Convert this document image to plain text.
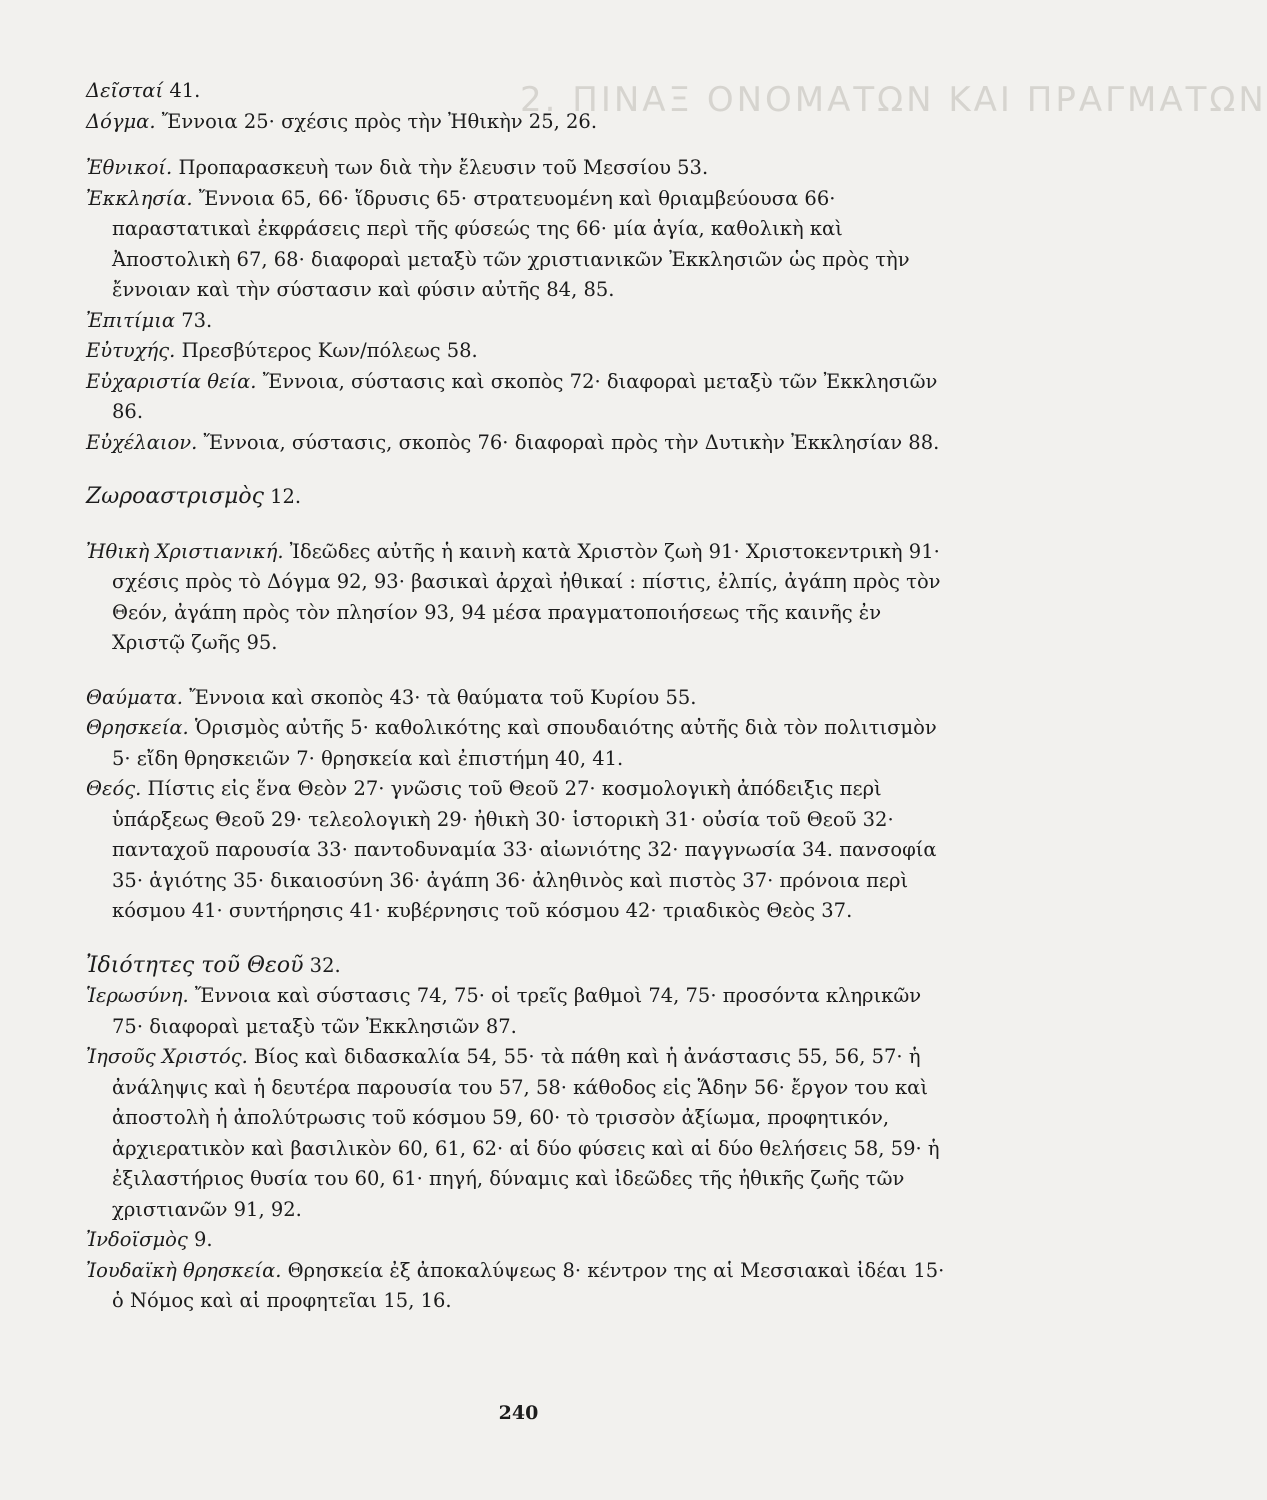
2. ΠΙΝΑΞ ΟΝΟΜΑΤΩΝ ΚΑΙ ΠΡΑΓΜΑΤΩΝ

Δεῖσταί 41.

Δόγμα. Ἔννοια 25· σχέσις πρὸς τὴν Ἠθικὴν 25, 26.

Ἐθνικοί. Προπαρασκευὴ των διὰ τὴν ἔλευσιν τοῦ Μεσσίου 53.

Ἐκκλησία. Ἔννοια 65, 66· ἵδρυσις 65· στρατευομένη καὶ θριαμβεύουσα 66· παραστατικαὶ ἐκφράσεις περὶ τῆς φύσεώς της 66· μία ἁγία, καθολικὴ καὶ Ἀποστολικὴ 67, 68· διαφοραὶ μεταξὺ τῶν χριστιανικῶν Ἐκκλησιῶν ὡς πρὸς τὴν ἔννοιαν καὶ τὴν σύστασιν καὶ φύσιν αὐτῆς 84, 85.

Ἐπιτίμια 73.

Εὐτυχής. Πρεσβύτερος Κων/πόλεως 58.

Εὐχαριστία θεία. Ἔννοια, σύστασις καὶ σκοπὸς 72· διαφοραὶ μεταξὺ τῶν Ἐκκλησιῶν 86.

Εὐχέλαιον. Ἔννοια, σύστασις, σκοπὸς 76· διαφοραὶ πρὸς τὴν Δυτικὴν Ἐκκλησίαν 88.

Ζωροαστρισμὸς 12.

Ἠθικὴ Χριστιανική. Ἰδεῶδες αὐτῆς ἡ καινὴ κατὰ Χριστὸν ζωὴ 91· Χριστοκεντρικὴ 91· σχέσις πρὸς τὸ Δόγμα 92, 93· βασικαὶ ἀρχαὶ ἠθικαί : πίστις, ἐλπίς, ἀγάπη πρὸς τὸν Θεόν, ἀγάπη πρὸς τὸν πλησίον 93, 94 μέσα πραγματοποιήσεως τῆς καινῆς ἐν Χριστῷ ζωῆς 95.

Θαύματα. Ἔννοια καὶ σκοπὸς 43· τὰ θαύματα τοῦ Κυρίου 55.

Θρησκεία. Ὁρισμὸς αὐτῆς 5· καθολικότης καὶ σπουδαιότης αὐτῆς διὰ τὸν πολιτισμὸν 5· εἴδη θρησκειῶν 7· θρησκεία καὶ ἐπιστήμη 40, 41.

Θεός. Πίστις εἰς ἕνα Θεὸν 27· γνῶσις τοῦ Θεοῦ 27· κοσμολογικὴ ἀπόδειξις περὶ ὑπάρξεως Θεοῦ 29· τελεολογικὴ 29· ἠθικὴ 30· ἱστορικὴ 31· οὐσία τοῦ Θεοῦ 32· πανταχοῦ παρουσία 33· παντοδυναμία 33· αἰωνιότης 32· παγγνωσία 34. πανσοφία 35· ἁγιότης 35· δικαιοσύνη 36· ἀγάπη 36· ἀληθινὸς καὶ πιστὸς 37· πρόνοια περὶ κόσμου 41· συντήρησις 41· κυβέρνησις τοῦ κόσμου 42· τριαδικὸς Θεὸς 37.

Ἰδιότητες τοῦ Θεοῦ 32.

Ἱερωσύνη. Ἔννοια καὶ σύστασις 74, 75· οἱ τρεῖς βαθμοὶ 74, 75· προσόντα κληρικῶν 75· διαφοραὶ μεταξὺ τῶν Ἐκκλησιῶν 87.

Ἰησοῦς Χριστός. Βίος καὶ διδασκαλία 54, 55· τὰ πάθη καὶ ἡ ἀνάστασις 55, 56, 57· ἡ ἀνάληψις καὶ ἡ δευτέρα παρουσία του 57, 58· κάθοδος εἰς Ἅδην 56· ἔργον του καὶ ἀποστολὴ ἡ ἀπολύτρωσις τοῦ κόσμου 59, 60· τὸ τρισσὸν ἀξίωμα, προφητικόν, ἀρχιερατικὸν καὶ βασιλικὸν 60, 61, 62· αἱ δύο φύσεις καὶ αἱ δύο θελήσεις 58, 59· ἡ ἐξιλαστήριος θυσία του 60, 61· πηγή, δύναμις καὶ ἰδεῶδες τῆς ἠθικῆς ζωῆς τῶν χριστιανῶν 91, 92.

Ἰνδοϊσμὸς 9.

Ἰουδαϊκὴ θρησκεία. Θρησκεία ἐξ ἀποκαλύψεως 8· κέντρον της αἱ Μεσσιακαὶ ἰδέαι 15· ὁ Νόμος καὶ αἱ προφητεῖαι 15, 16.

240
